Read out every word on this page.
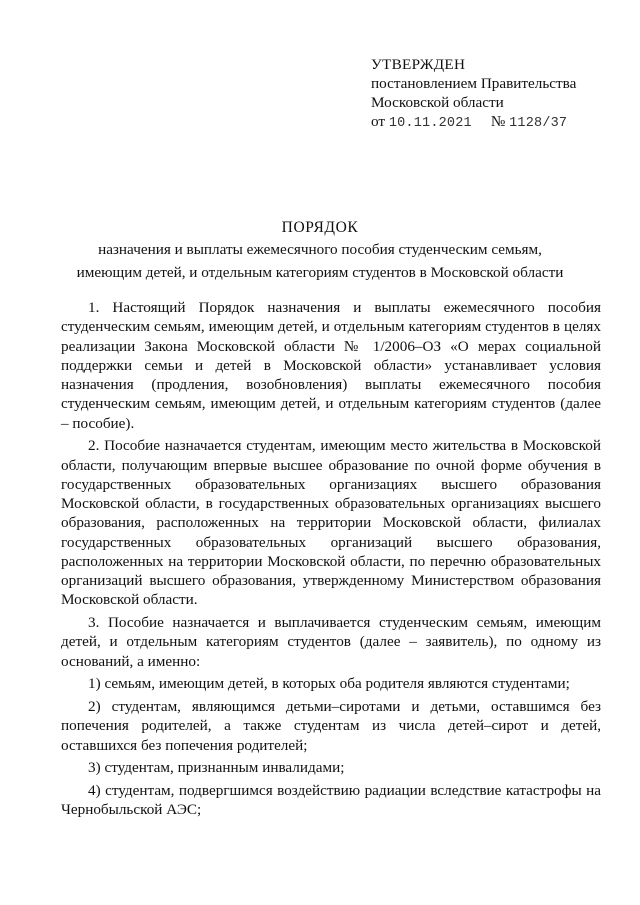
УТВЕРЖДЕН
постановлением Правительства
Московской области
от 10.11.2021 № 1128/37
ПОРЯДОК
назначения и выплаты ежемесячного пособия студенческим семьям,
имеющим детей, и отдельным категориям студентов в Московской области

1. Настоящий Порядок назначения и выплаты ежемесячного пособия студенческим семьям, имеющим детей, и отдельным категориям студентов в целях реализации Закона Московской области № 1/2006–ОЗ «О мерах социальной поддержки семьи и детей в Московской области» устанавливает условия назначения (продления, возобновления) выплаты ежемесячного пособия студенческим семьям, имеющим детей, и отдельным категориям студентов (далее – пособие).

2. Пособие назначается студентам, имеющим место жительства в Московской области, получающим впервые высшее образование по очной форме обучения в государственных образовательных организациях высшего образования Московской области, в государственных образовательных организациях высшего образования, расположенных на территории Московской области, филиалах государственных образовательных организаций высшего образования, расположенных на территории Московской области, по перечню образовательных организаций высшего образования, утвержденному Министерством образования Московской области.

3. Пособие назначается и выплачивается студенческим семьям, имеющим детей, и отдельным категориям студентов (далее – заявитель), по одному из оснований, а именно:

1) семьям, имеющим детей, в которых оба родителя являются студентами;

2) студентам, являющимся детьми–сиротами и детьми, оставшимся без попечения родителей, а также студентам из числа детей–сирот и детей, оставшихся без попечения родителей;

3) студентам, признанным инвалидами;

4) студентам, подвергшимся воздействию радиации вследствие катастрофы на Чернобыльской АЭС;
